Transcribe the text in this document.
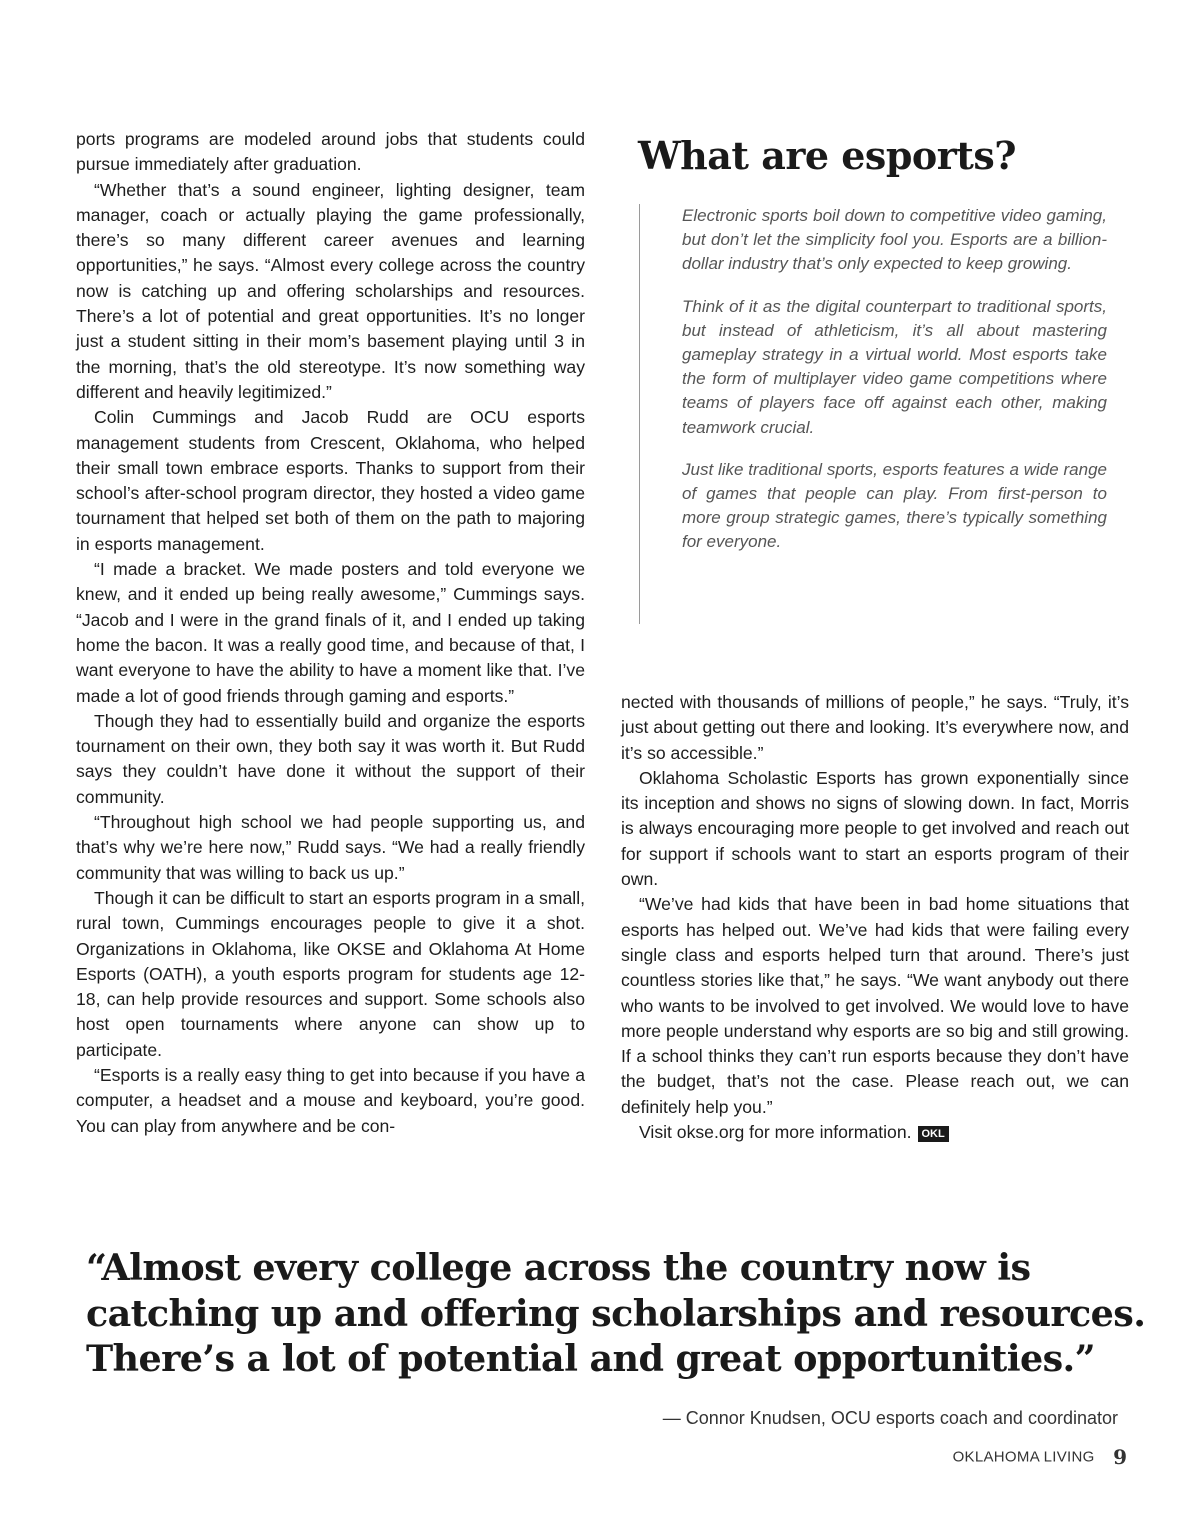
ports programs are modeled around jobs that students could pursue immediately after graduation.

“Whether that’s a sound engineer, lighting designer, team manager, coach or actually playing the game professionally, there’s so many different career avenues and learning opportunities,” he says. “Almost every college across the country now is catching up and offering scholarships and resources. There’s a lot of potential and great opportunities. It’s no longer just a student sitting in their mom’s basement playing until 3 in the morning, that’s the old stereotype. It’s now something way different and heavily legitimized.”

Colin Cummings and Jacob Rudd are OCU esports management students from Crescent, Oklahoma, who helped their small town embrace esports. Thanks to support from their school’s after-school program director, they hosted a video game tournament that helped set both of them on the path to majoring in esports management.

“I made a bracket. We made posters and told everyone we knew, and it ended up being really awesome,” Cummings says. “Jacob and I were in the grand finals of it, and I ended up taking home the bacon. It was a really good time, and because of that, I want everyone to have the ability to have a moment like that. I’ve made a lot of good friends through gaming and esports.”

Though they had to essentially build and organize the esports tournament on their own, they both say it was worth it. But Rudd says they couldn’t have done it without the support of their community.

“Throughout high school we had people supporting us, and that’s why we’re here now,” Rudd says. “We had a really friendly community that was willing to back us up.”

Though it can be difficult to start an esports program in a small, rural town, Cummings encourages people to give it a shot. Organizations in Oklahoma, like OKSE and Oklahoma At Home Esports (OATH), a youth esports program for students age 12-18, can help provide resources and support. Some schools also host open tournaments where anyone can show up to participate.

“Esports is a really easy thing to get into because if you have a computer, a headset and a mouse and keyboard, you’re good. You can play from anywhere and be con-

What are esports?

Electronic sports boil down to competitive video gaming, but don’t let the simplicity fool you. Esports are a billion-dollar industry that’s only expected to keep growing.

Think of it as the digital counterpart to traditional sports, but instead of athleticism, it’s all about mastering gameplay strategy in a virtual world. Most esports take the form of multiplayer video game competitions where teams of players face off against each other, making teamwork crucial.

Just like traditional sports, esports features a wide range of games that people can play. From first-person to more group strategic games, there’s typically something for everyone.

nected with thousands of millions of people,” he says. “Truly, it’s just about getting out there and looking. It’s everywhere now, and it’s so accessible.”

Oklahoma Scholastic Esports has grown exponentially since its inception and shows no signs of slowing down. In fact, Morris is always encouraging more people to get involved and reach out for support if schools want to start an esports program of their own.

“We’ve had kids that have been in bad home situations that esports has helped out. We’ve had kids that were failing every single class and esports helped turn that around. There’s just countless stories like that,” he says. “We want anybody out there who wants to be involved to get involved. We would love to have more people understand why esports are so big and still growing. If a school thinks they can’t run esports because they don’t have the budget, that’s not the case. Please reach out, we can definitely help you.”

Visit okse.org for more information. OKL

“Almost every college across the country now is catching up and offering scholarships and resources. There’s a lot of potential and great opportunities.”

— Connor Knudsen, OCU esports coach and coordinator

OKLAHOMA LIVING 9
